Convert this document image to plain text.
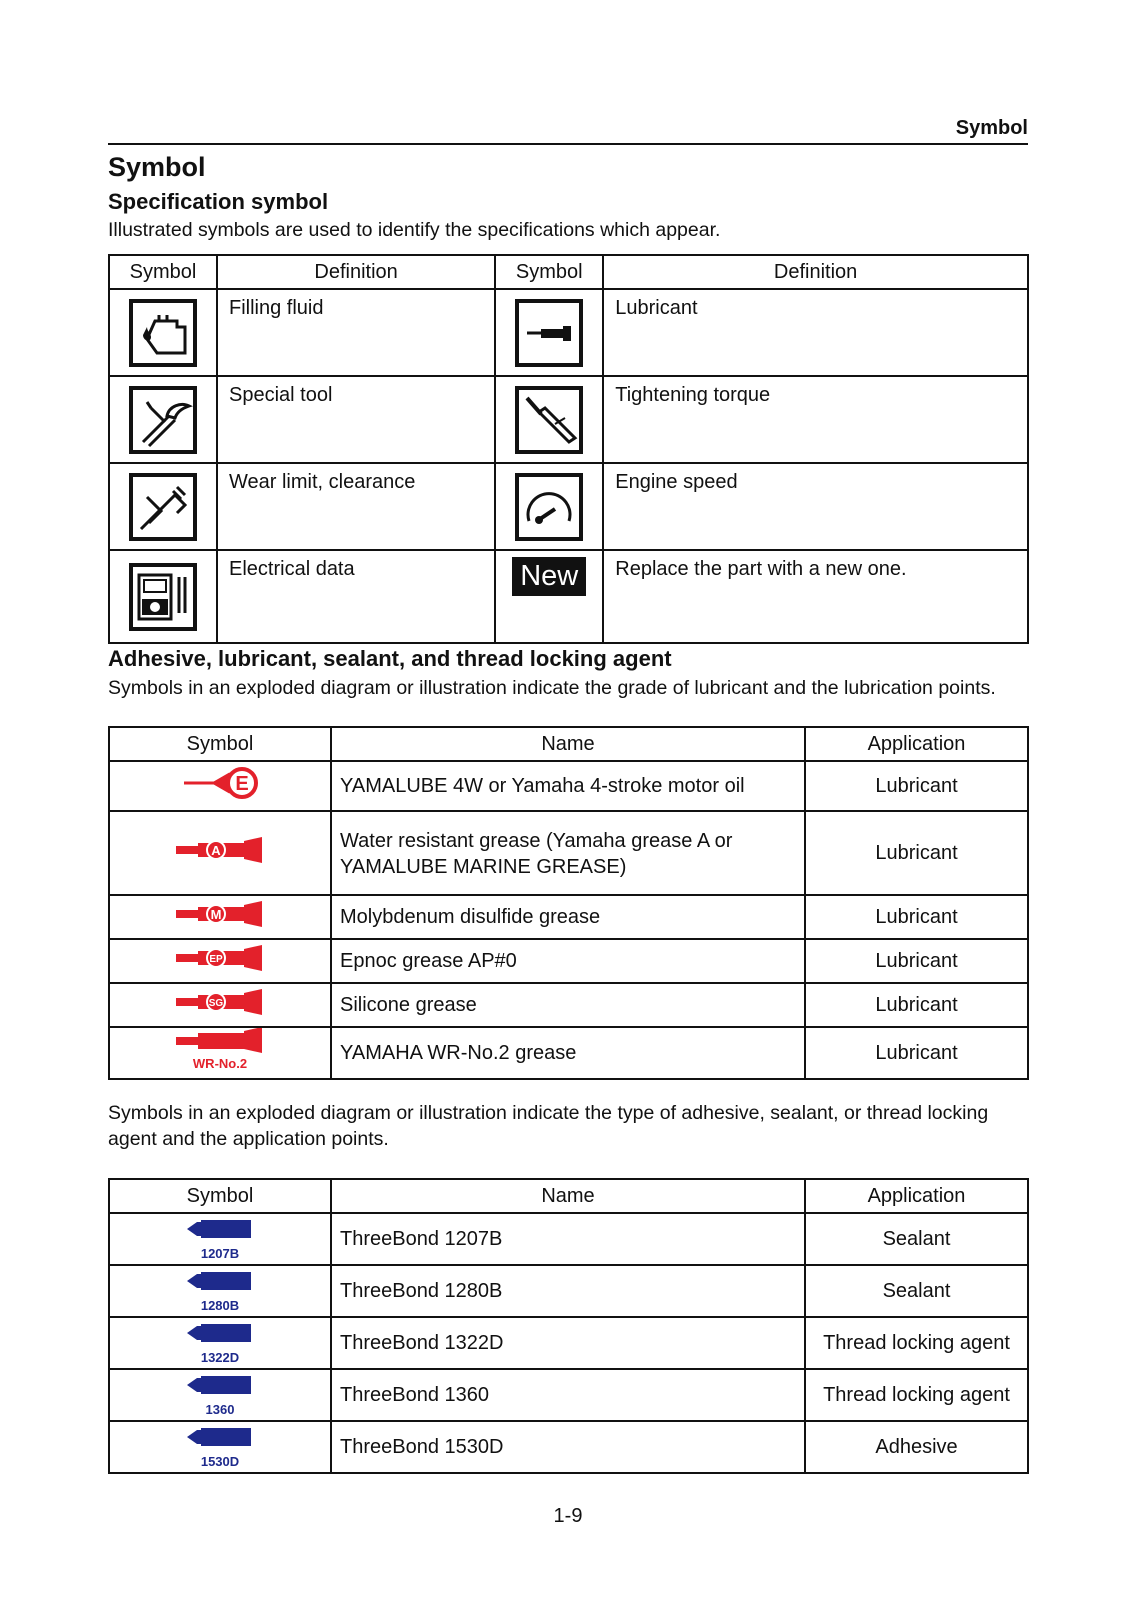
Symbol
Symbol
Specification symbol
Illustrated symbols are used to identify the specifications which appear.
Symbol	Definition	Symbol	Definition

	Filling fluid		Lubricant

	Special tool		Tightening torque

	Wear limit, clearance		Engine speed

	Electrical data	New	Replace the part with a new one.
Adhesive, lubricant, sealant, and thread locking agent
Symbols in an exploded diagram or illustration indicate the grade of lubricant and the lubrication points.
Symbol	Name	Application

E	YAMALUBE 4W or Yamaha 4-stroke motor oil	Lubricant

A	Water resistant grease (Yamaha grease A or YAMALUBE MARINE GREASE)	Lubricant

M	Molybdenum disulfide grease	Lubricant

EP	Epnoc grease AP#0	Lubricant

SG	Silicone grease	Lubricant

WR-No.2	YAMAHA WR-No.2 grease	Lubricant
Symbols in an exploded diagram or illustration indicate the type of adhesive, sealant, or thread locking agent and the application points.
Symbol	Name	Application

1207B	ThreeBond 1207B	Sealant

1280B	ThreeBond 1280B	Sealant

1322D	ThreeBond 1322D	Thread locking agent

1360	ThreeBond 1360	Thread locking agent

1530D	ThreeBond 1530D	Adhesive
1-9
